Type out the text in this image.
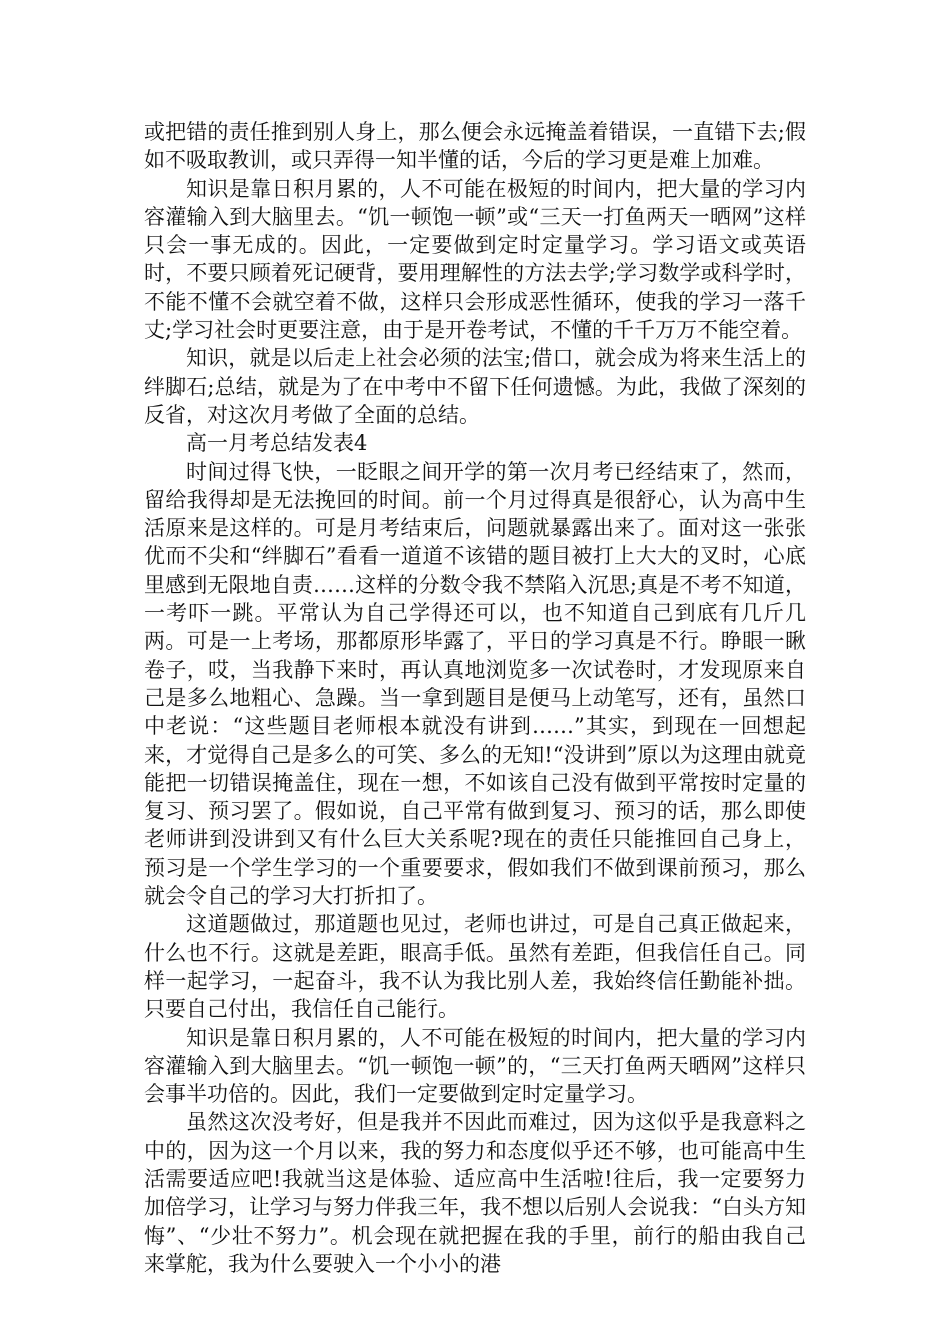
或把错的责任推到别人身上，那么便会永远掩盖着错误，一直错下去;假如不吸取教训，或只弄得一知半懂的话，今后的学习更是难上加难。

知识是靠日积月累的，人不可能在极短的时间内，把大量的学习内容灌输入到大脑里去。“饥一顿饱一顿”或“三天一打鱼两天一晒网”这样只会一事无成的。因此，一定要做到定时定量学习。学习语文或英语时，不要只顾着死记硬背，要用理解性的方法去学;学习数学或科学时，不能不懂不会就空着不做，这样只会形成恶性循环，使我的学习一落千丈;学习社会时更要注意，由于是开卷考试，不懂的千千万万不能空着。

知识，就是以后走上社会必须的法宝;借口，就会成为将来生活上的绊脚石;总结，就是为了在中考中不留下任何遗憾。为此，我做了深刻的反省，对这次月考做了全面的总结。

高一月考总结发表4

时间过得飞快，一眨眼之间开学的第一次月考已经结束了，然而，留给我得却是无法挽回的时间。前一个月过得真是很舒心，认为高中生活原来是这样的。可是月考结束后，问题就暴露出来了。面对这一张张优而不尖和“绊脚石”看看一道道不该错的题目被打上大大的叉时，心底里感到无限地自责……这样的分数令我不禁陷入沉思;真是不考不知道，一考吓一跳。平常认为自己学得还可以，也不知道自己到底有几斤几两。可是一上考场，那都原形毕露了，平日的学习真是不行。睁眼一瞅卷子，哎，当我静下来时，再认真地浏览多一次试卷时，才发现原来自己是多么地粗心、急躁。当一拿到题目是便马上动笔写，还有，虽然口中老说：“这些题目老师根本就没有讲到……”其实，到现在一回想起来，才觉得自己是多么的可笑、多么的无知!“没讲到”原以为这理由就竟能把一切错误掩盖住，现在一想，不如该自己没有做到平常按时定量的复习、预习罢了。假如说，自己平常有做到复习、预习的话，那么即使老师讲到没讲到又有什么巨大关系呢?现在的责任只能推回自己身上，预习是一个学生学习的一个重要要求，假如我们不做到课前预习，那么就会令自己的学习大打折扣了。

这道题做过，那道题也见过，老师也讲过，可是自己真正做起来，什么也不行。这就是差距，眼高手低。虽然有差距，但我信任自己。同样一起学习，一起奋斗，我不认为我比别人差，我始终信任勤能补拙。只要自己付出，我信任自己能行。

知识是靠日积月累的，人不可能在极短的时间内，把大量的学习内容灌输入到大脑里去。“饥一顿饱一顿”的，“三天打鱼两天晒网”这样只会事半功倍的。因此，我们一定要做到定时定量学习。

虽然这次没考好，但是我并不因此而难过，因为这似乎是我意料之中的，因为这一个月以来，我的努力和态度似乎还不够，也可能高中生活需要适应吧!我就当这是体验、适应高中生活啦!往后，我一定要努力加倍学习，让学习与努力伴我三年，我不想以后别人会说我：“白头方知悔”、“少壮不努力”。机会现在就把握在我的手里，前行的船由我自己来掌舵，我为什么要驶入一个小小的港
